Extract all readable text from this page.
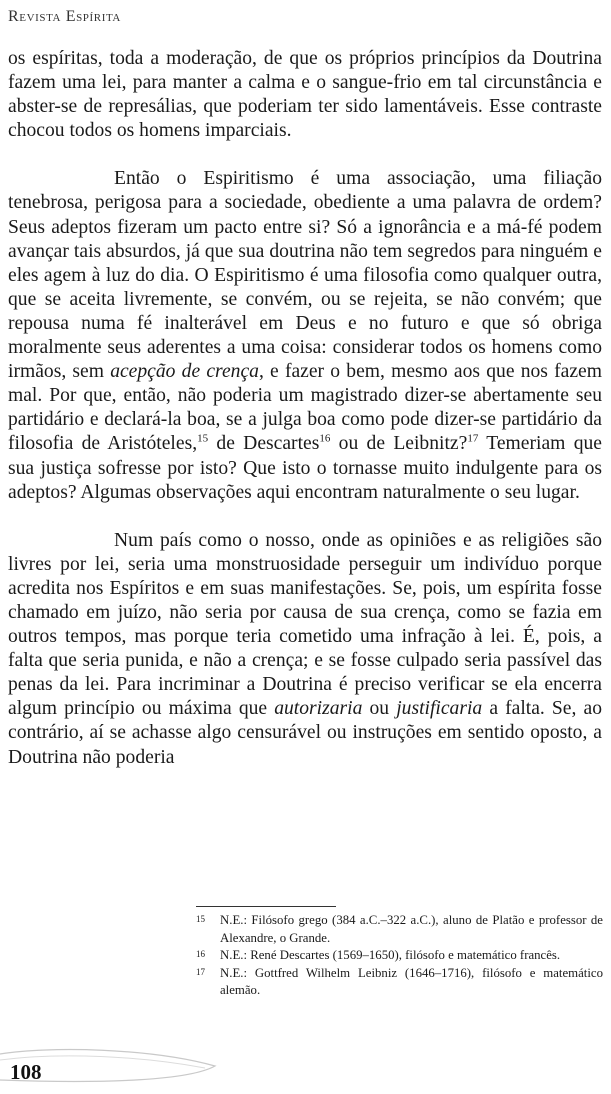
Revista Espírita

os espíritas, toda a moderação, de que os próprios princípios da Doutrina fazem uma lei, para manter a calma e o sangue-frio em tal circunstância e abster-se de represálias, que poderiam ter sido lamentáveis. Esse contraste chocou todos os homens imparciais.

Então o Espiritismo é uma associação, uma filiação tenebrosa, perigosa para a sociedade, obediente a uma palavra de ordem? Seus adeptos fizeram um pacto entre si? Só a ignorância e a má-fé podem avançar tais absurdos, já que sua doutrina não tem segredos para ninguém e eles agem à luz do dia. O Espiritismo é uma filosofia como qualquer outra, que se aceita livremente, se convém, ou se rejeita, se não convém; que repousa numa fé inalterável em Deus e no futuro e que só obriga moralmente seus aderentes a uma coisa: considerar todos os homens como irmãos, sem acepção de crença, e fazer o bem, mesmo aos que nos fazem mal. Por que, então, não poderia um magistrado dizer-se abertamente seu partidário e declará-la boa, se a julga boa como pode dizer-se partidário da filosofia de Aristóteles,$^{15}$ de Descartes$^{16}$ ou de Leibnitz?$^{17}$ Temeriam que sua justiça sofresse por isto? Que isto o tornasse muito indulgente para os adeptos? Algumas observações aqui encontram naturalmente o seu lugar.

Num país como o nosso, onde as opiniões e as religiões são livres por lei, seria uma monstruosidade perseguir um indivíduo porque acredita nos Espíritos e em suas manifestações. Se, pois, um espírita fosse chamado em juízo, não seria por causa de sua crença, como se fazia em outros tempos, mas porque teria cometido uma infração à lei. É, pois, a falta que seria punida, e não a crença; e se fosse culpado seria passível das penas da lei. Para incriminar a Doutrina é preciso verificar se ela encerra algum princípio ou máxima que autorizaria ou justificaria a falta. Se, ao contrário, aí se achasse algo censurável ou instruções em sentido oposto, a Doutrina não poderia

15 N.E.: Filósofo grego (384 a.C.–322 a.C.), aluno de Platão e professor de Alexandre, o Grande.
16 N.E.: René Descartes (1569–1650), filósofo e matemático francês.
17 N.E.: Gottfred Wilhelm Leibniz (1646–1716), filósofo e matemático alemão.
108
